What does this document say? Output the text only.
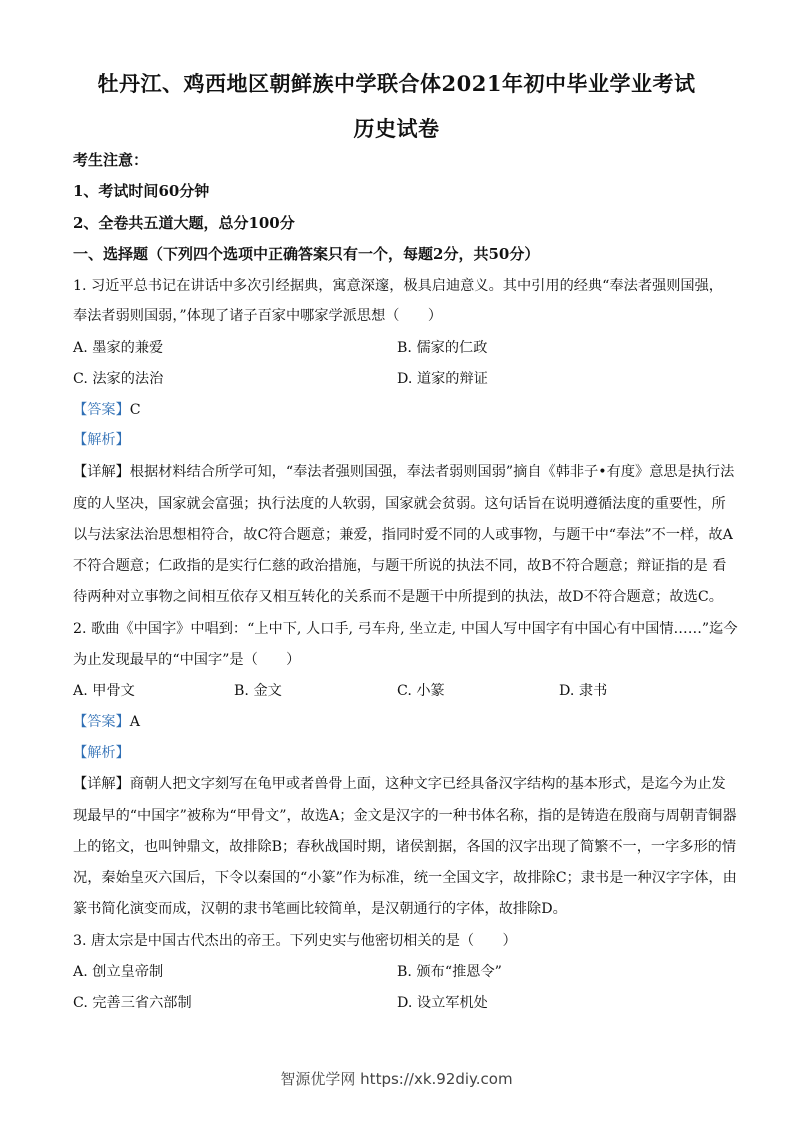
牡丹江、鸡西地区朝鲜族中学联合体2021年初中毕业学业考试
历史试卷
考生注意：
1、考试时间60分钟
2、全卷共五道大题，总分100分
一、选择题（下列四个选项中正确答案只有一个，每题2分，共50分）
1. 习近平总书记在讲话中多次引经据典，寓意深邃，极具启迪意义。其中引用的经典“奉法者强则国强，
奉法者弱则国弱，”体现了诸子百家中哪家学派思想（　　）
A. 墨家的兼爱	B. 儒家的仁政
C. 法家的法治	D. 道家的辩证
【答案】C
【解析】
【详解】根据材料结合所学可知，“奉法者强则国强，奉法者弱则国弱”摘自《韩非子•有度》意思是执行法
度的人坚决，国家就会富强；执行法度的人软弱，国家就会贫弱。这句话旨在说明遵循法度的重要性，所
以与法家法治思想相符合，故C符合题意；兼爱，指同时爱不同的人或事物，与题干中“奉法”不一样，故A
不符合题意；仁政指的是实行仁慈的政治措施，与题干所说的执法不同，故B不符合题意；辩证指的是 看
待两种对立事物之间相互依存又相互转化的关系而不是题干中所提到的执法，故D不符合题意；故选C。
2. 歌曲《中国字》中唱到：“上中下, 人口手, 弓车舟, 坐立走, 中国人写中国字有中国心有中国情……”迄今
为止发现最早的“中国字”是（　　）
A. 甲骨文	B. 金文	C. 小篆	D. 隶书
【答案】A
【解析】
【详解】商朝人把文字刻写在龟甲或者兽骨上面，这种文字已经具备汉字结构的基本形式，是迄今为止发
现最早的“中国字”被称为“甲骨文”，故选A；金文是汉字的一种书体名称，指的是铸造在殷商与周朝青铜器
上的铭文，也叫钟鼎文，故排除B；春秋战国时期，诸侯割据，各国的汉字出现了简繁不一，一字多形的情
况，秦始皇灭六国后，下令以秦国的“小篆”作为标准，统一全国文字，故排除C；隶书是一种汉字字体，由
篆书简化演变而成，汉朝的隶书笔画比较简单，是汉朝通行的字体，故排除D。
3. 唐太宗是中国古代杰出的帝王。下列史实与他密切相关的是（　　）
A. 创立皇帝制	B. 颁布“推恩令”
C. 完善三省六部制	D. 设立军机处
智源优学网 https://xk.92diy.com
